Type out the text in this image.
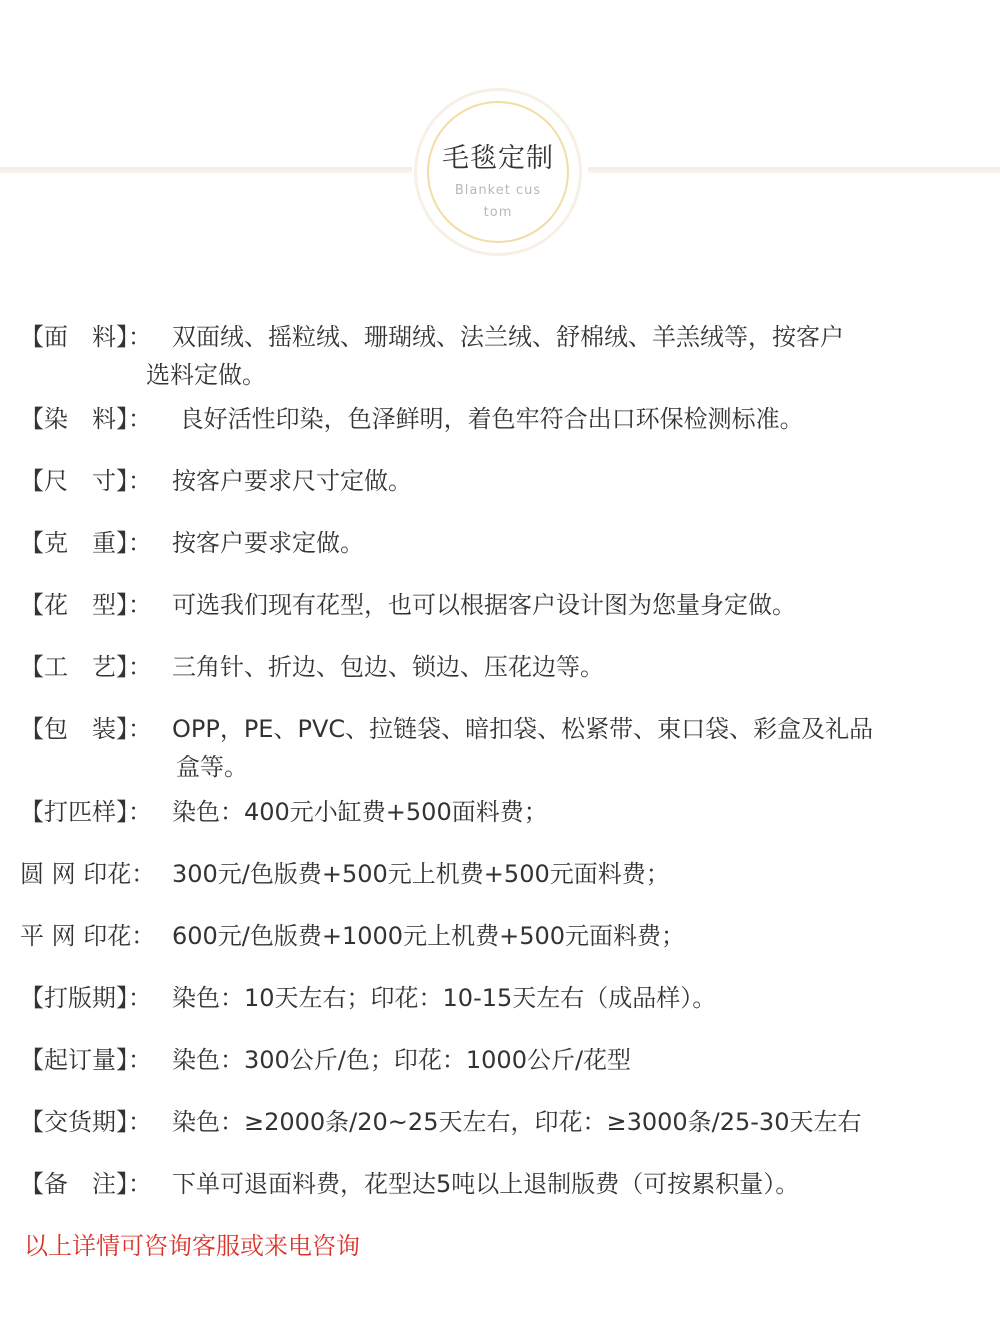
毛毯定制
Blanket custom
【面　料】： 双面绒、摇粒绒、珊瑚绒、法兰绒、舒棉绒、羊羔绒等，按客户
选料定做。
【染　料】： 良好活性印染，色泽鲜明，着色牢符合出口环保检测标准。
【尺　寸】： 按客户要求尺寸定做。
【克　重】： 按客户要求定做。
【花　型】： 可选我们现有花型，也可以根据客户设计图为您量身定做。
【工　艺】： 三角针、折边、包边、锁边、压花边等。
【包　装】： OPP，PE、PVC、拉链袋、暗扣袋、松紧带、束口袋、彩盒及礼品
盒等。
【打匹样】： 染色：400元小缸费+500面料费；
圆 网 印花： 300元/色版费+500元上机费+500元面料费；
平 网 印花： 600元/色版费+1000元上机费+500元面料费；
【打版期】： 染色：10天左右；印花：10-15天左右（成品样）。
【起订量】： 染色：300公斤/色；印花：1000公斤/花型
【交货期】： 染色：≥2000条/20~25天左右，印花：≥3000条/25-30天左右
【备　注】： 下单可退面料费，花型达5吨以上退制版费（可按累积量）。
以上详情可咨询客服或来电咨询
